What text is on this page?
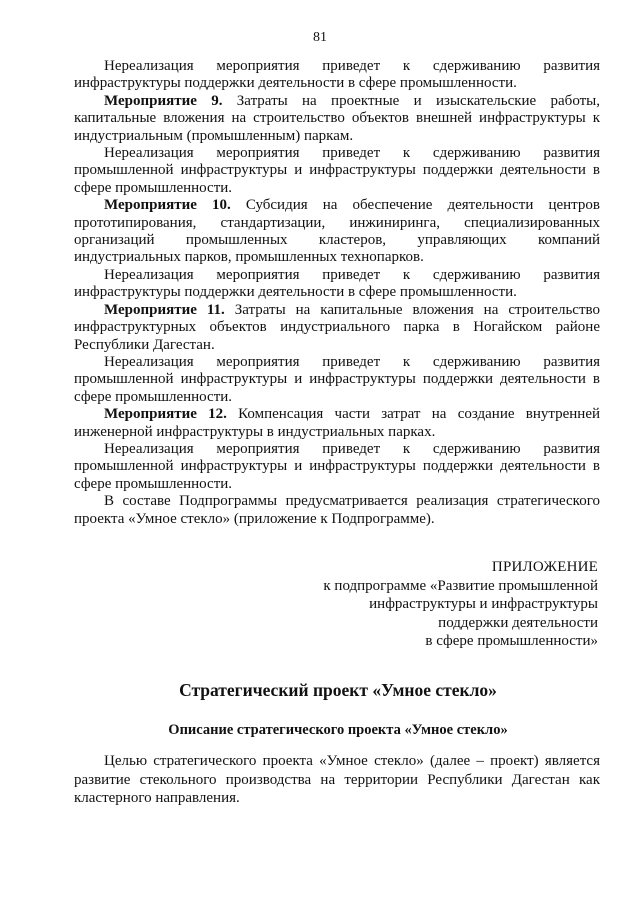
81

Нереализация мероприятия приведет к сдерживанию развития инфраструктуры поддержки деятельности в сфере промышленности.

Мероприятие 9. Затраты на проектные и изыскательские работы, капитальные вложения на строительство объектов внешней инфраструктуры к индустриальным (промышленным) паркам.

Нереализация мероприятия приведет к сдерживанию развития промышленной инфраструктуры и инфраструктуры поддержки деятельности в сфере промышленности.

Мероприятие 10. Субсидия на обеспечение деятельности центров прототипирования, стандартизации, инжиниринга, специализированных организаций промышленных кластеров, управляющих компаний индустриальных парков, промышленных технопарков.

Нереализация мероприятия приведет к сдерживанию развития инфраструктуры поддержки деятельности в сфере промышленности.

Мероприятие 11. Затраты на капитальные вложения на строительство инфраструктурных объектов индустриального парка в Ногайском районе Республики Дагестан.

Нереализация мероприятия приведет к сдерживанию развития промышленной инфраструктуры и инфраструктуры поддержки деятельности в сфере промышленности.

Мероприятие 12. Компенсация части затрат на создание внутренней инженерной инфраструктуры в индустриальных парках.

Нереализация мероприятия приведет к сдерживанию развития промышленной инфраструктуры и инфраструктуры поддержки деятельности в сфере промышленности.

В составе Подпрограммы предусматривается реализация стратегического проекта «Умное стекло» (приложение к Подпрограмме).

ПРИЛОЖЕНИЕ

к подпрограмме «Развитие промышленной
инфраструктуры и инфраструктуры
поддержки деятельности
в сфере промышленности»
Стратегический проект «Умное стекло»
Описание стратегического проекта «Умное стекло»

Целью стратегического проекта «Умное стекло» (далее – проект) является развитие стекольного производства на территории Республики Дагестан как кластерного направления.
